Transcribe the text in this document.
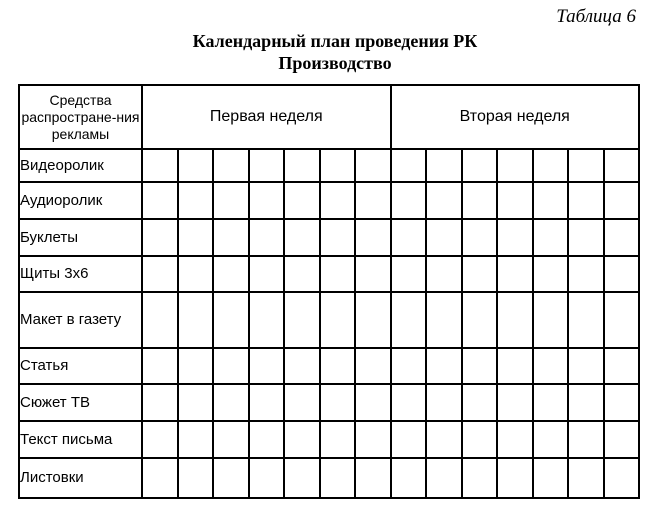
Таблица 6
Календарный план проведения РК
Производство
Средства распростране-ния рекламы	Первая неделя							Вторая неделя						
Видеоролик														
Аудиоролик														
Буклеты														
Щиты 3х6														
Макет в газету														
Статья														
Сюжет ТВ														
Текст письма														
Листовки														
